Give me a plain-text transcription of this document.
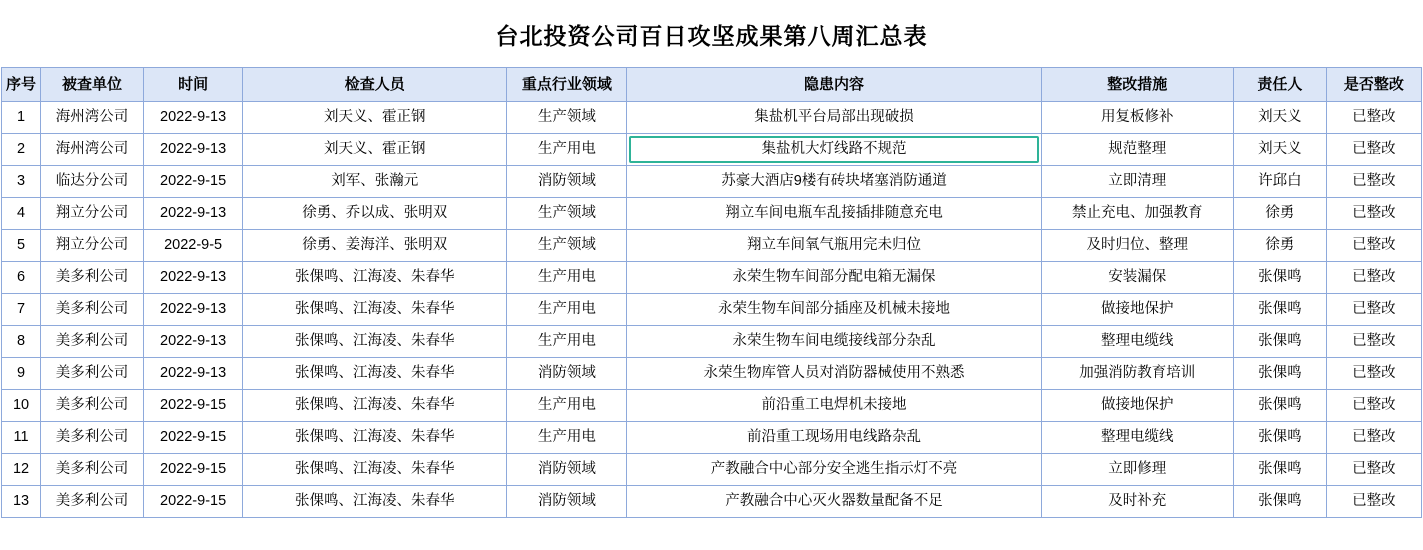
台北投资公司百日攻坚成果第八周汇总表
序号	被查单位	时间	检查人员	重点行业领域	隐患内容	整改措施	责任人	是否整改
1	海州湾公司	2022-9-13	刘天义、霍正钢	生产领域	集盐机平台局部出现破损	用复板修补	刘天义	已整改
2	海州湾公司	2022-9-13	刘天义、霍正钢	生产用电	集盐机大灯线路不规范	规范整理	刘天义	已整改
3	临达分公司	2022-9-15	刘军、张瀚元	消防领域	苏豪大酒店9楼有砖块堵塞消防通道	立即清理	许邱白	已整改
4	翔立分公司	2022-9-13	徐勇、乔以成、张明双	生产领域	翔立车间电瓶车乱接插排随意充电	禁止充电、加强教育	徐勇	已整改
5	翔立分公司	2022-9-5	徐勇、姜海洋、张明双	生产领域	翔立车间氧气瓶用完未归位	及时归位、整理	徐勇	已整改
6	美多利公司	2022-9-13	张倮鸣、江海凌、朱春华	生产用电	永荣生物车间部分配电箱无漏保	安装漏保	张倮鸣	已整改
7	美多利公司	2022-9-13	张倮鸣、江海凌、朱春华	生产用电	永荣生物车间部分插座及机械未接地	做接地保护	张倮鸣	已整改
8	美多利公司	2022-9-13	张倮鸣、江海凌、朱春华	生产用电	永荣生物车间电缆接线部分杂乱	整理电缆线	张倮鸣	已整改
9	美多利公司	2022-9-13	张倮鸣、江海凌、朱春华	消防领域	永荣生物库管人员对消防器械使用不熟悉	加强消防教育培训	张倮鸣	已整改
10	美多利公司	2022-9-15	张倮鸣、江海凌、朱春华	生产用电	前沿重工电焊机未接地	做接地保护	张倮鸣	已整改
11	美多利公司	2022-9-15	张倮鸣、江海凌、朱春华	生产用电	前沿重工现场用电线路杂乱	整理电缆线	张倮鸣	已整改
12	美多利公司	2022-9-15	张倮鸣、江海凌、朱春华	消防领域	产教融合中心部分安全逃生指示灯不亮	立即修理	张倮鸣	已整改
13	美多利公司	2022-9-15	张倮鸣、江海凌、朱春华	消防领域	产教融合中心灭火器数量配备不足	及时补充	张倮鸣	已整改
